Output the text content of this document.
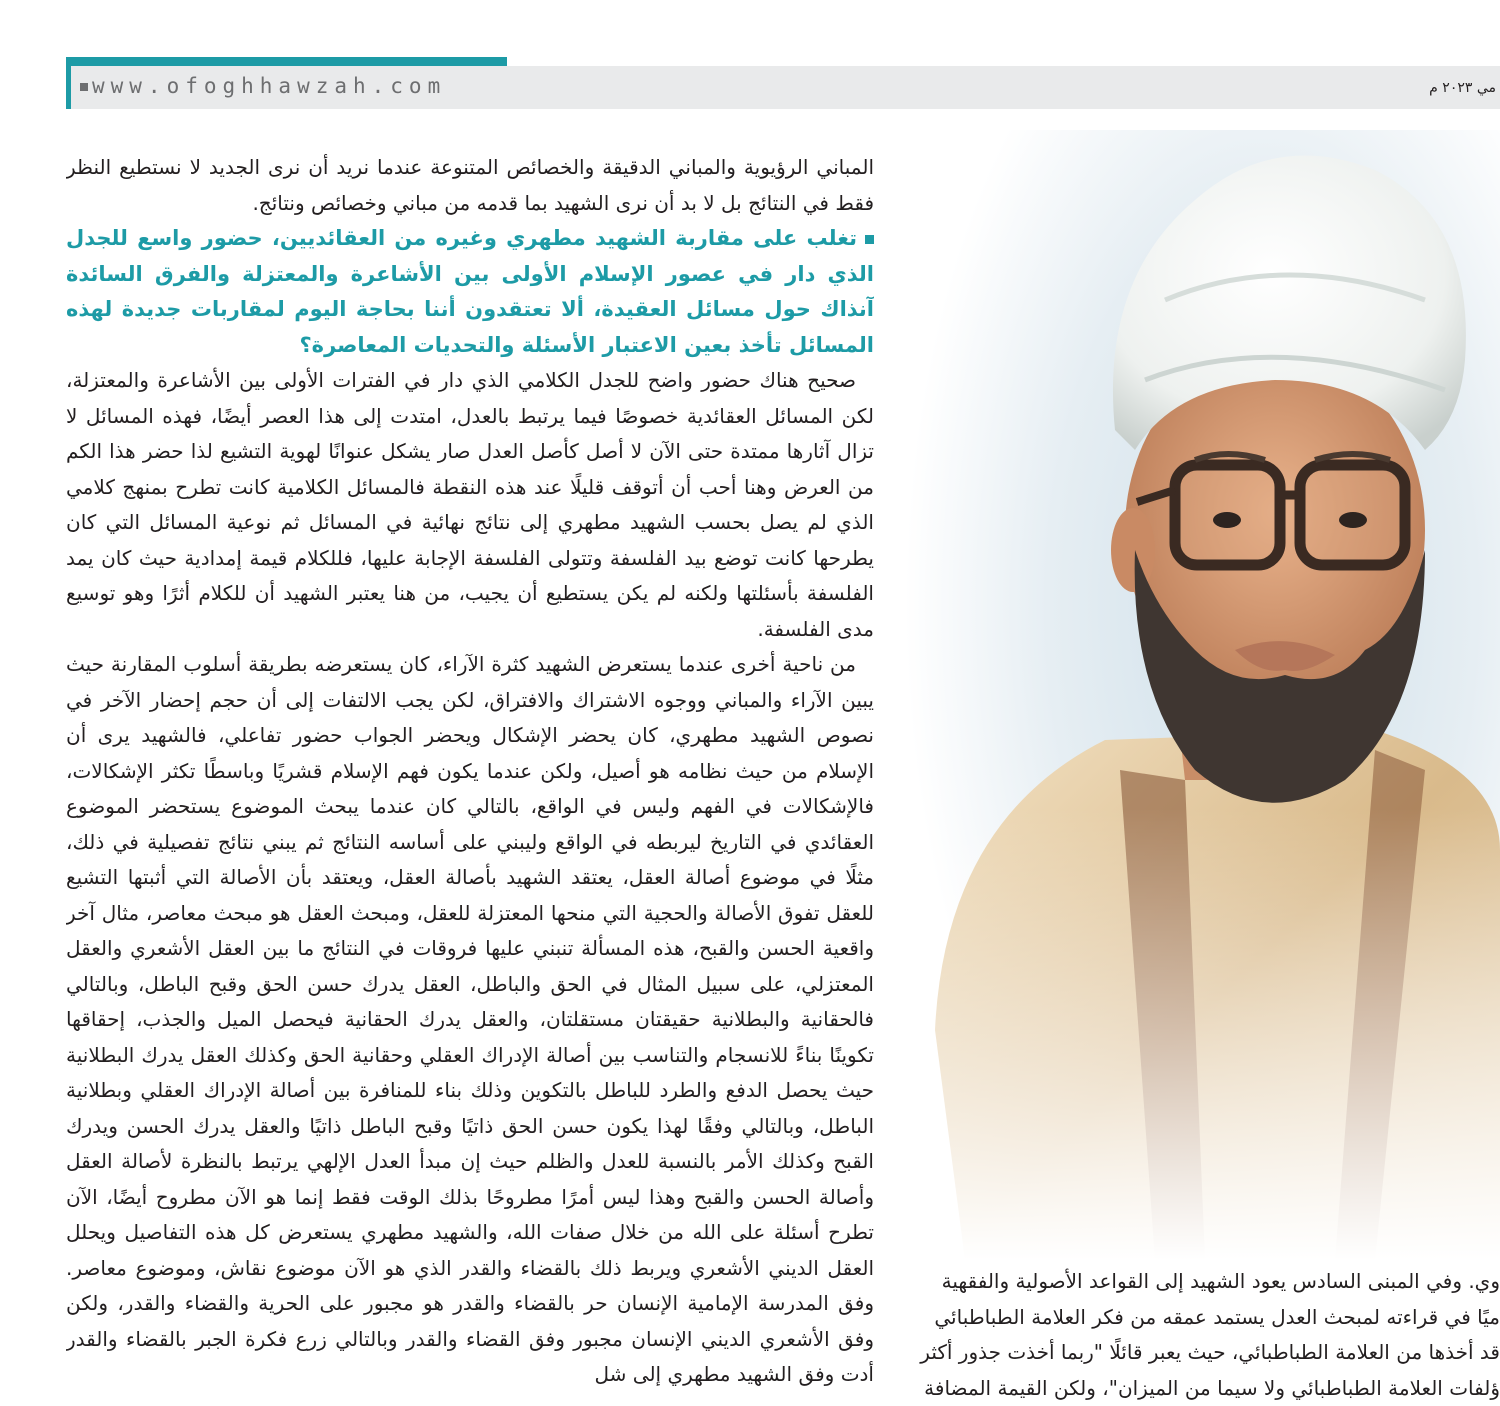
www.ofoghhawzah.com	مي ٢٠٢٣ م

المباني الرؤيوية والمباني الدقيقة والخصائص المتنوعة عندما نريد أن نرى الجديد لا نستطيع النظر فقط في النتائج بل لا بد أن نرى الشهيد بما قدمه من مباني وخصائص ونتائج.

تغلب على مقاربة الشهيد مطهري وغيره من العقائديين، حضور واسع للجدل الذي دار في عصور الإسلام الأولى بين الأشاعرة والمعتزلة والفرق السائدة آنذاك حول مسائل العقيدة، ألا تعتقدون أننا بحاجة اليوم لمقاربات جديدة لهذه المسائل تأخذ بعين الاعتبار الأسئلة والتحديات المعاصرة؟

صحيح هناك حضور واضح للجدل الكلامي الذي دار في الفترات الأولى بين الأشاعرة والمعتزلة، لكن المسائل العقائدية خصوصًا فيما يرتبط بالعدل، امتدت إلى هذا العصر أيضًا، فهذه المسائل لا تزال آثارها ممتدة حتى الآن لا أصل كأصل العدل صار يشكل عنوانًا لهوية التشيع لذا حضر هذا الكم من العرض وهنا أحب أن أتوقف قليلًا عند هذه النقطة فالمسائل الكلامية كانت تطرح بمنهج كلامي الذي لم يصل بحسب الشهيد مطهري إلى نتائج نهائية في المسائل ثم نوعية المسائل التي كان يطرحها كانت توضع بيد الفلسفة وتتولى الفلسفة الإجابة عليها، فللكلام قيمة إمدادية حيث كان يمد الفلسفة بأسئلتها ولكنه لم يكن يستطيع أن يجيب، من هنا يعتبر الشهيد أن للكلام أثرًا وهو توسيع مدى الفلسفة.

من ناحية أخرى عندما يستعرض الشهيد كثرة الآراء، كان يستعرضه بطريقة أسلوب المقارنة حيث يبين الآراء والمباني ووجوه الاشتراك والافتراق، لكن يجب الالتفات إلى أن حجم إحضار الآخر في نصوص الشهيد مطهري، كان يحضر الإشكال ويحضر الجواب حضور تفاعلي، فالشهيد يرى أن الإسلام من حيث نظامه هو أصيل، ولكن عندما يكون فهم الإسلام قشريًا وباسطًا تكثر الإشكالات، فالإشكالات في الفهم وليس في الواقع، بالتالي كان عندما يبحث الموضوع يستحضر الموضوع العقائدي في التاريخ ليربطه في الواقع وليبني على أساسه النتائج ثم يبني نتائج تفصيلية في ذلك، مثلًا في موضوع أصالة العقل، يعتقد الشهيد بأصالة العقل، ويعتقد بأن الأصالة التي أثبتها التشيع للعقل تفوق الأصالة والحجية التي منحها المعتزلة للعقل، ومبحث العقل هو مبحث معاصر، مثال آخر واقعية الحسن والقبح، هذه المسألة تنبني عليها فروقات في النتائج ما بين العقل الأشعري والعقل المعتزلي، على سبيل المثال في الحق والباطل، العقل يدرك حسن الحق وقبح الباطل، وبالتالي فالحقانية والبطلانية حقيقتان مستقلتان، والعقل يدرك الحقانية فيحصل الميل والجذب، إحقاقها تكوينًا بناءً للانسجام والتناسب بين أصالة الإدراك العقلي وحقانية الحق وكذلك العقل يدرك البطلانية حيث يحصل الدفع والطرد للباطل بالتكوين وذلك بناء للمنافرة بين أصالة الإدراك العقلي وبطلانية الباطل، وبالتالي وفقًا لهذا يكون حسن الحق ذاتيًا وقبح الباطل ذاتيًا والعقل يدرك الحسن ويدرك القبح وكذلك الأمر بالنسبة للعدل والظلم حيث إن مبدأ العدل الإلهي يرتبط بالنظرة لأصالة العقل وأصالة الحسن والقبح وهذا ليس أمرًا مطروحًا بذلك الوقت فقط إنما هو الآن مطروح أيضًا، الآن تطرح أسئلة على الله من خلال صفات الله، والشهيد مطهري يستعرض كل هذه التفاصيل ويحلل العقل الديني الأشعري ويربط ذلك بالقضاء والقدر الذي هو الآن موضوع نقاش، وموضوع معاصر. وفق المدرسة الإمامية الإنسان حر بالقضاء والقدر هو مجبور على الحرية والقضاء والقدر، ولكن وفق الأشعري الديني الإنسان مجبور وفق القضاء والقدر وبالتالي زرع فكرة الجبر بالقضاء والقدر أدت وفق الشهيد مطهري إلى شل

وي. وفي المبنى السادس يعود الشهيد إلى القواعد الأصولية والفقهية

ميًا في قراءته لمبحث العدل يستمد عمقه من فكر العلامة الطباطبائي

قد أخذها من العلامة الطباطبائي، حيث يعبر قائلًا "ربما أخذت جذور أكثر

ؤلفات العلامة الطباطبائي ولا سيما من الميزان"، ولكن القيمة المضافة
